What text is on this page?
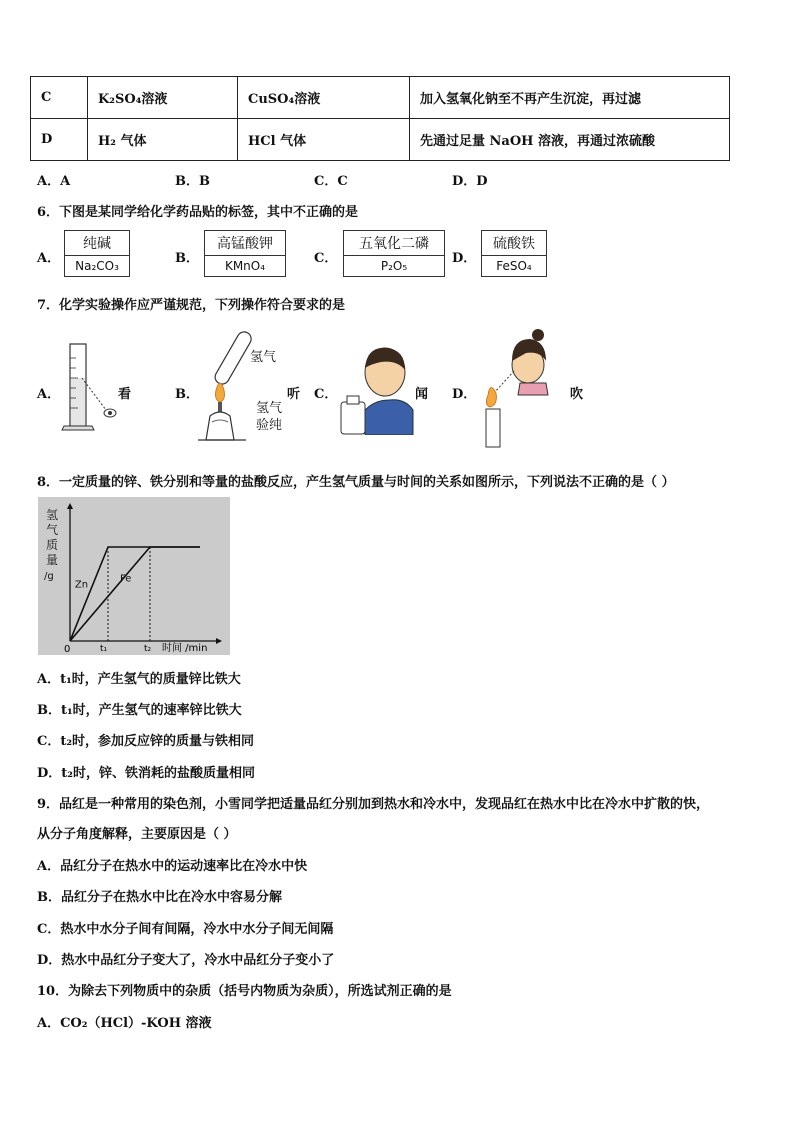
C	K₂SO₄溶液	CuSO₄溶液	加入氢氧化钠至不再产生沉淀，再过滤
D	H₂ 气体	HCl 气体	先通过足量 NaOH 溶液，再通过浓硫酸
A．A	B．B	C．C	D．D
6．下图是某同学给化学药品贴的标签，其中不正确的是
A．
纯碱
Na₂CO₃	B．
高锰酸钾
KMnO₄	C．
五氧化二磷
P₂O₅	D．
硫酸铁
FeSO₄
7．化学实验操作应严谨规范，下列操作符合要求的是
A．	看	B．
氢气
氢气
验纯
听 C．	闻 D．	吹
8．一定质量的锌、铁分别和等量的盐酸反应，产生氢气质量与时间的关系如图所示，下列说法不正确的是（ ）
氢
气
质
量
/g
Zn
Fe
0	t₁	t₂ 时间 /min
A．t₁时，产生氢气的质量锌比铁大
B．t₁时，产生氢气的速率锌比铁大
C．t₂时，参加反应锌的质量与铁相同
D．t₂时，锌、铁消耗的盐酸质量相同
9．品红是一种常用的染色剂，小雪同学把适量品红分别加到热水和冷水中，发现品红在热水中比在冷水中扩散的快，
从分子角度解释，主要原因是（ ）
A．品红分子在热水中的运动速率比在冷水中快
B．品红分子在热水中比在冷水中容易分解
C．热水中水分子间有间隔，冷水中水分子间无间隔
D．热水中品红分子变大了，冷水中品红分子变小了
10．为除去下列物质中的杂质（括号内物质为杂质），所选试剂正确的是
A．CO₂（HCl）-KOH 溶液
